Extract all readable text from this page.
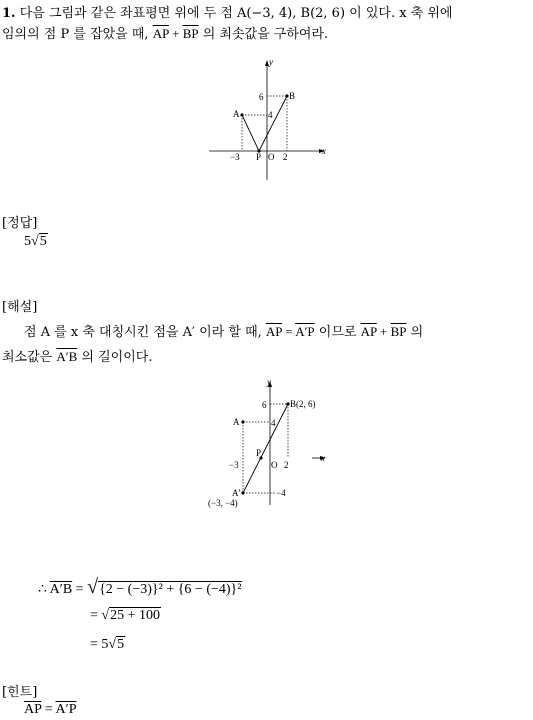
1. 다음 그림과 같은 좌표평면 위에 두 점 A(−3, 4), B(2, 6) 이 있다. x 축 위에
임의의 점 P 를 잡았을 때, $\overline{AP} + \overline{BP}$ 의 최솟값을 구하여라.
y
x
6
4
A
B
−3 P O 2
[정답]
5√5
[해설]
점 A 를 x 축 대칭시킨 점을 A′ 이라 할 때, $\overline{AP} = A'P$ 이므로 $\overline{AP} + \overline{BP}$ 의
최소값은 A′B 의 길이이다.
y
x
6	B(2, 6)
A	4
−3
P
O 2
A′	−4
(−3, −4)
∴ A′B = √{2 − (−3)}² + {6 − (−4)}²
= √25 + 100
= 5√5
[힌트]
$\overline{AP} = A'P$
